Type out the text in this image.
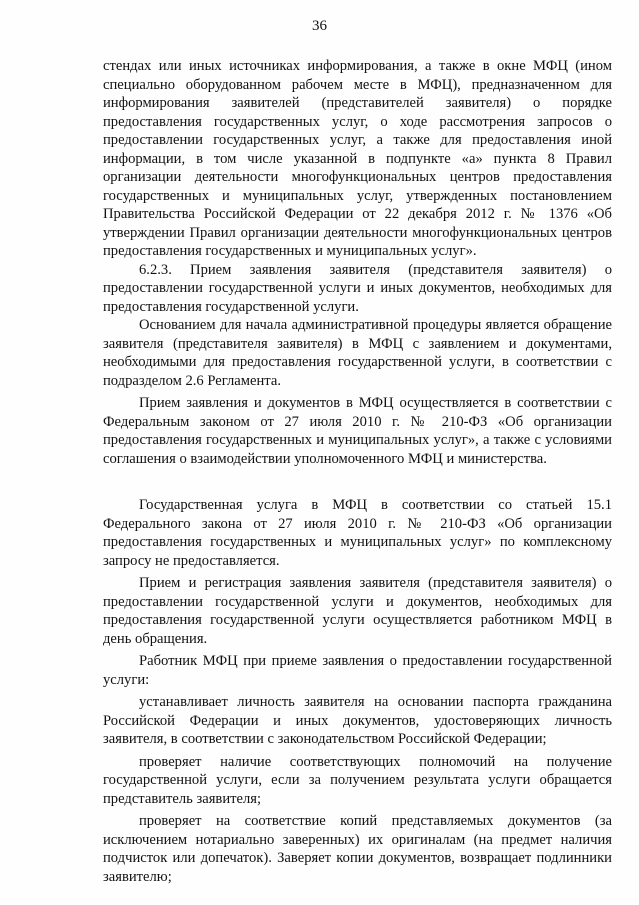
36

стендах или иных источниках информирования, а также в окне МФЦ (ином специально оборудованном рабочем месте в МФЦ), предназначенном для информирования заявителей (представителей заявителя) о порядке предоставления государственных услуг, о ходе рассмотрения запросов о предоставлении государственных услуг, а также для предоставления иной информации, в том числе указанной в подпункте «а» пункта 8 Правил организации деятельности многофункциональных центров предоставления государственных и муниципальных услуг, утвержденных постановлением Правительства Российской Федерации от 22 декабря 2012 г. № 1376 «Об утверждении Правил организации деятельности многофункциональных центров предоставления государственных и муниципальных услуг».

6.2.3. Прием заявления заявителя (представителя заявителя) о предоставлении государственной услуги и иных документов, необходимых для предоставления государственной услуги.

Основанием для начала административной процедуры является обращение заявителя (представителя заявителя) в МФЦ с заявлением и документами, необходимыми для предоставления государственной услуги, в соответствии с подразделом 2.6 Регламента.

Прием заявления и документов в МФЦ осуществляется в соответствии с Федеральным законом от 27 июля 2010 г. № 210-ФЗ «Об организации предоставления государственных и муниципальных услуг», а также с условиями соглашения о взаимодействии уполномоченного МФЦ и министерства.

Государственная услуга в МФЦ в соответствии со статьей 15.1 Федерального закона от 27 июля 2010 г. № 210-ФЗ «Об организации предоставления государственных и муниципальных услуг» по комплексному запросу не предоставляется.

Прием и регистрация заявления заявителя (представителя заявителя) о предоставлении государственной услуги и документов, необходимых для предоставления государственной услуги осуществляется работником МФЦ в день обращения.

Работник МФЦ при приеме заявления о предоставлении государственной услуги:

устанавливает личность заявителя на основании паспорта гражданина Российской Федерации и иных документов, удостоверяющих личность заявителя, в соответствии с законодательством Российской Федерации;

проверяет наличие соответствующих полномочий на получение государственной услуги, если за получением результата услуги обращается представитель заявителя;

проверяет на соответствие копий представляемых документов (за исключением нотариально заверенных) их оригиналам (на предмет наличия подчисток или допечаток). Заверяет копии документов, возвращает подлинники заявителю;
